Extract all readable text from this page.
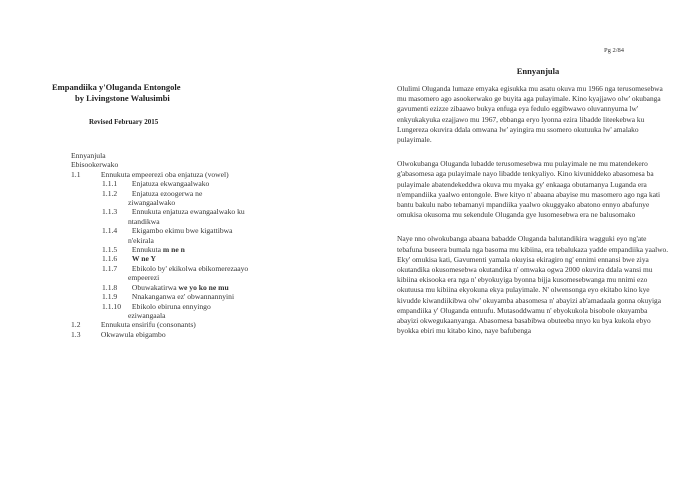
Pg 2/84
Empandiika y'Oluganda Entongole
by Livingstone Walusimbi
Revised February 2015
Ennyanjula
Ebisookerwako
1.1	Ennukuta empeerezi oba enjatuza (vowel)
1.1.1 Enjatuza ekwangaalwako
1.1.2 Enjatuza ezoogerwa ne
ziwangaalwako
1.1.3 Ennukuta enjatuza ewangaalwako ku
ntandikwa
1.1.4 Ekigambo ekimu bwe kigattibwa
n'ekirala
1.1.5 Ennukuta m ne n
1.1.6 W ne Y
1.1.7 Ebikolo by' ekikolwa ebikomerezaayo
empeerezi
1.1.8 Obuwakatirwa we yo ko ne mu
1.1.9 Nnakanganwa ez' obwannannyini
1.1.10 Ebikolo ebiruna ennyingo
eziwangaala
1.2	Ennukuta ensirifu (consonants)
1.3	Okwawula ebigambo
Ennyanjula

Olulimi Oluganda lumaze emyaka egisukka mu asatu okuva mu 1966 nga terusomesebwa mu masomero ago asookerwako ge buyita aga pulayimale. Kino kyajjawo olw' okubanga gavumenti ezizze zibaawo bukya enfuga eya fedulo eggibwawo oluvannyuma lw' enkyukakyuka ezajjawo mu 1967, ebbanga eryo lyonna ezira libadde liteekebwa ku Lungereza okuvira ddala omwana lw' ayingira mu ssomero okutuuka lw' amalako pulayimale.

Olwokubanga Oluganda lubadde terusomesebwa mu pulayimale ne mu matendekero g'abasomesa aga pulayimale nayo libadde tenkyaliyo. Kino kivuniddeko abasomesa ba pulayimale abatendekeddwa okuva mu myaka gy' enkaaga obutamanya Luganda era n'empandiika yaalwo entongole. Bwe kityo n' abaana abayise mu masomero ago nga kati bantu bakulu nabo tebamanyi mpandiika yaalwo okuggyako abatono ennyo abafunye omukisa okusoma mu sekendule Oluganda gye lusomesebwa era ne balusomako

Naye nno olwokubanga abaana babadde Oluganda balutandikira wagguki eyo ng'ate tebafuna buseera bumala nga basoma mu kibiina, era tebalukaza yadde empandiika yaalwo. Eky' omukisa kati, Gavumenti yamala okuyisa ekiragiro ng' ennimi ennansi bwe ziya okutandika okusomesebwa okutandika n' omwaka ogwa 2000 okuvira ddala wansi mu kibiina ekisooka era nga n' ebyokuyiga byonna bijja kusomesebwanga mu nnimi ezo okutuusa mu kibiina ekyokuna ekya pulayimale. N' olwensonga eyo ekitabo kino kye kivudde kiwandiikibwa olw' okuyamba abasomesa n' abayizi ab'amadaala gonna okuyiga empandiika y' Oluganda entuufu. Mutasoddwamu n' ebyokukola bisobole okuyamba abayizi okwegukaanyanga. Abasomesa basabibwa obuteeba nnyo ku bya kukola ebyo byokka ebiri mu kitabo kino, naye bafubenga
